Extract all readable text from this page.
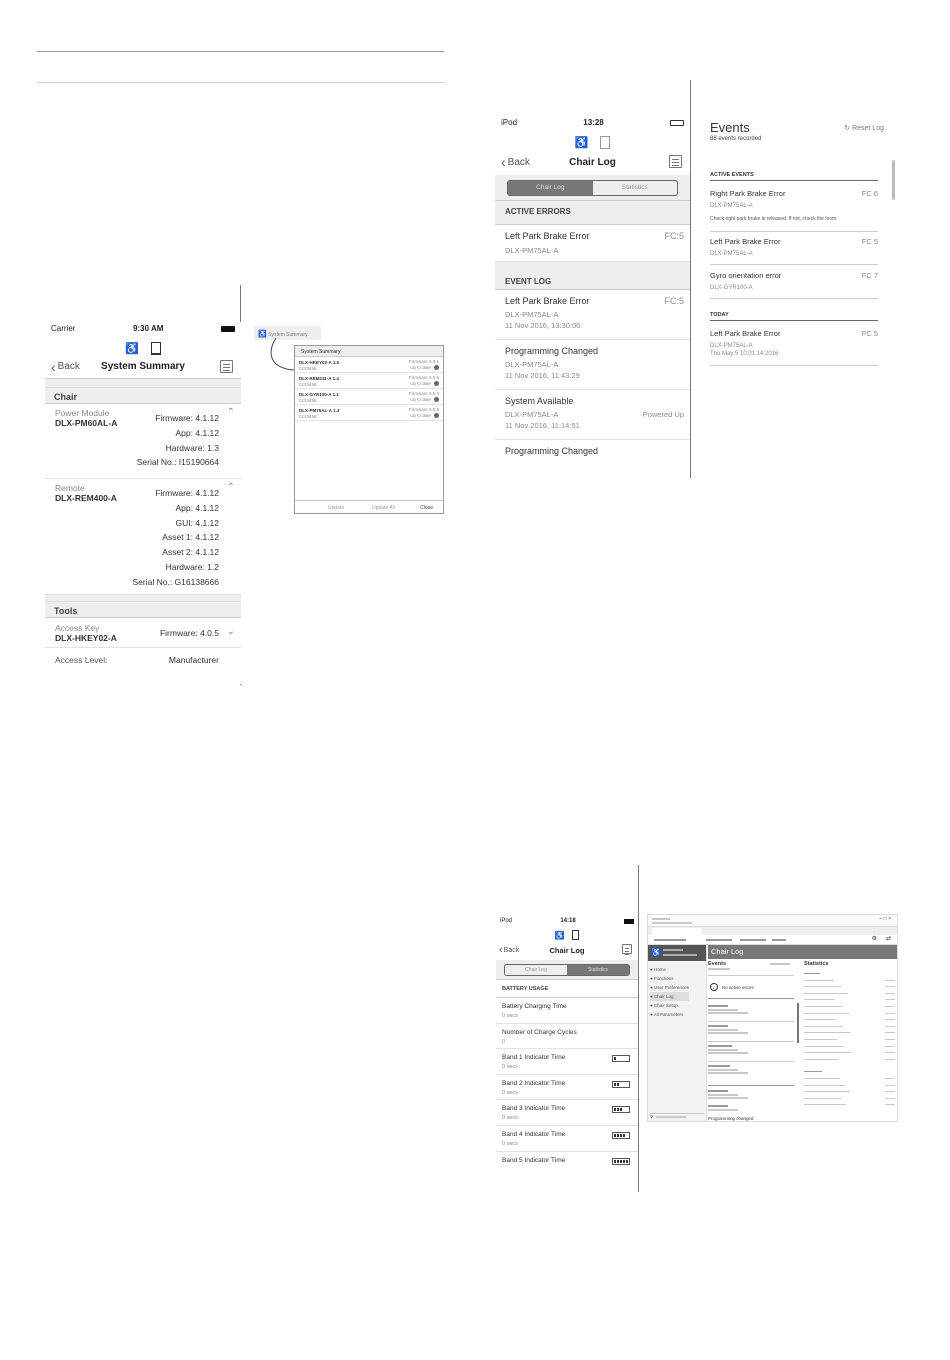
Carrier	9:30 AM
♿
‹ Back	System Summary
Chair
Power Module
DLX-PM60AL-A	Firmware: 4.1.12
App: 4.1.12
Hardware: 1.3
Serial No.: I15190664
⌃
Remote
DLX-REM400-A	Firmware: 4.1.12
App: 4.1.12
GUI: 4.1.12
Asset 1: 4.1.12
Asset 2: 4.1.12
Hardware: 1.2
Serial No.: G16138666
⌃
Tools
Access Key
DLX-HKEY02-A	Firmware: 4.0.5 ⌄
Access Level:	Manufacturer
♿ System Summary
System Summary
DLX-HKEY02-A 1.0
0123456
Firmware 3.0.1
Up to date
DLX-REM211-A 1.4
0123456
Firmware 3.0.5
Up to date
DLX-GYR100-A 1.1
0123456
Firmware 3.0.3
Up to date
DLX-PM75AL-A 1.3
0123456
Firmware 3.0.6
Up to date
Update	Update All	Close
iPod	13:28
♿
‹ Back	Chair Log
Chair Log	Statistics
ACTIVE ERRORS
Left Park Brake Error	FC:5
DLX-PM75AL-A
EVENT LOG
Left Park Brake Error	FC:5
DLX-PM75AL-A
11 Nov 2016, 13:30:06
Programming Changed
DLX-PM75AL-A
11 Nov 2016, 11:43:29
System Available
DLX-PM75AL-A	Powered Up
11 Nov 2016, 11:14:51
Programming Changed
Events
88 events recorded
↻ Reset Log
ACTIVE EVENTS
Right Park Brake Error	FC 6
DLX-PM75AL-A
Check right park brake is released. If not, check the loom.
Left Park Brake Error	FC 5
DLX-PM75AL-A
Gyro orientation error	FC 7
DLX-GYR100-A
TODAY
Left Park Brake Error	FC 5
DLX-PM75AL-A
Thu May 5 10:01:14 2016
iPod	14:18
♿
‹ Back	Chair Log
Chair Log	Statistics
BATTERY USAGE
Battery Charging Time
0 secs
Number of Charge Cycles
0
Band 1 Indicator Time
0 secs
Band 2 Indicator Time
0 secs
Band 3 Indicator Time
0 secs
Band 4 Indicator Time
0 secs
Band 5 Indicator Time
– □ ×
⚙ ⇄
♿
● Home
● Functions
● User Preferences
● Chair Log
● Chair Setup
● All Parameters
⚲
Chair Log
Events
✓	No active errors
Programming changed
Statistics
